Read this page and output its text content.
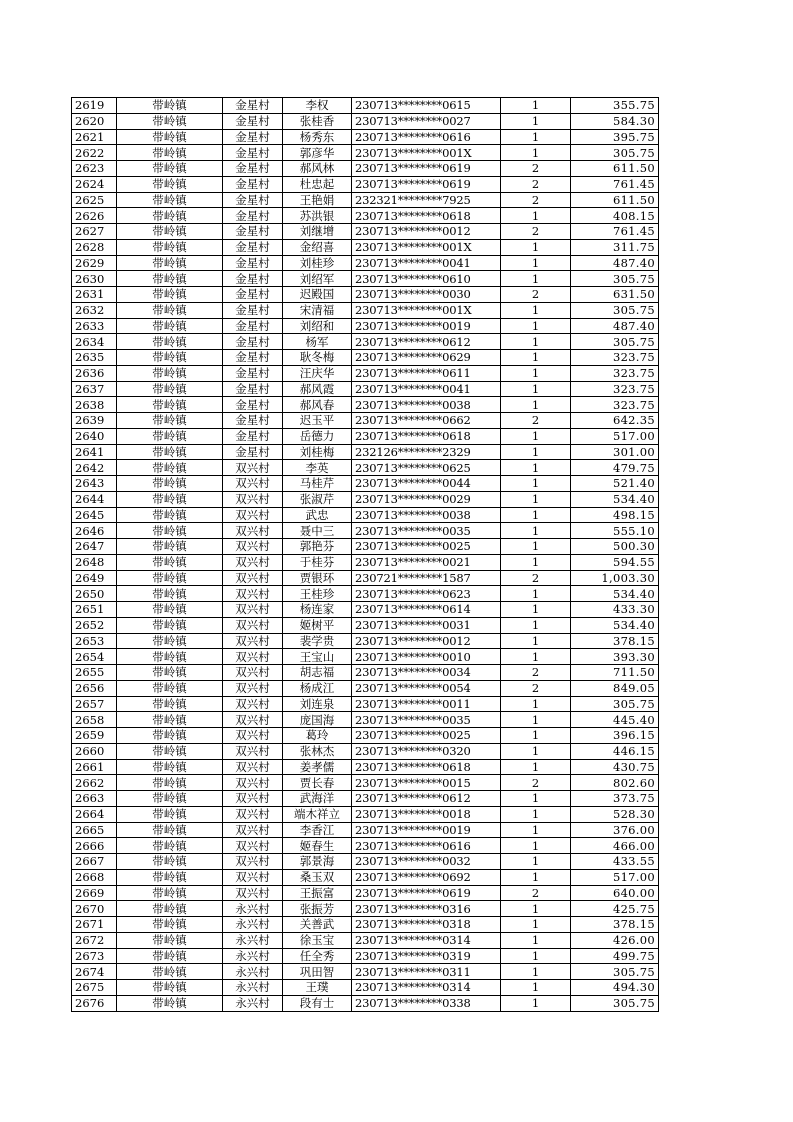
2619	带岭镇	金星村	李权	230713********0615	1	355.75
2620	带岭镇	金星村	张桂香	230713********0027	1	584.30
2621	带岭镇	金星村	杨秀东	230713********0616	1	395.75
2622	带岭镇	金星村	郭彦华	230713********001X	1	305.75
2623	带岭镇	金星村	郝风林	230713********0619	2	611.50
2624	带岭镇	金星村	杜忠起	230713********0619	2	761.45
2625	带岭镇	金星村	王艳娟	232321********7925	2	611.50
2626	带岭镇	金星村	苏洪银	230713********0618	1	408.15
2627	带岭镇	金星村	刘继增	230713********0012	2	761.45
2628	带岭镇	金星村	金绍喜	230713********001X	1	311.75
2629	带岭镇	金星村	刘桂珍	230713********0041	1	487.40
2630	带岭镇	金星村	刘绍军	230713********0610	1	305.75
2631	带岭镇	金星村	迟殿国	230713********0030	2	631.50
2632	带岭镇	金星村	宋清福	230713********001X	1	305.75
2633	带岭镇	金星村	刘绍和	230713********0019	1	487.40
2634	带岭镇	金星村	杨军	230713********0612	1	305.75
2635	带岭镇	金星村	耿冬梅	230713********0629	1	323.75
2636	带岭镇	金星村	汪庆华	230713********0611	1	323.75
2637	带岭镇	金星村	郝风霞	230713********0041	1	323.75
2638	带岭镇	金星村	郝风春	230713********0038	1	323.75
2639	带岭镇	金星村	迟玉平	230713********0662	2	642.35
2640	带岭镇	金星村	岳德力	230713********0618	1	517.00
2641	带岭镇	金星村	刘桂梅	232126********2329	1	301.00
2642	带岭镇	双兴村	李英	230713********0625	1	479.75
2643	带岭镇	双兴村	马桂芹	230713********0044	1	521.40
2644	带岭镇	双兴村	张淑芹	230713********0029	1	534.40
2645	带岭镇	双兴村	武忠	230713********0038	1	498.15
2646	带岭镇	双兴村	聂中三	230713********0035	1	555.10
2647	带岭镇	双兴村	郭艳芬	230713********0025	1	500.30
2648	带岭镇	双兴村	于桂芬	230713********0021	1	594.55
2649	带岭镇	双兴村	贾银环	230721********1587	2	1,003.30
2650	带岭镇	双兴村	王桂珍	230713********0623	1	534.40
2651	带岭镇	双兴村	杨连家	230713********0614	1	433.30
2652	带岭镇	双兴村	姬树平	230713********0031	1	534.40
2653	带岭镇	双兴村	裴学贵	230713********0012	1	378.15
2654	带岭镇	双兴村	王宝山	230713********0010	1	393.30
2655	带岭镇	双兴村	胡志福	230713********0034	2	711.50
2656	带岭镇	双兴村	杨成江	230713********0054	2	849.05
2657	带岭镇	双兴村	刘连泉	230713********0011	1	305.75
2658	带岭镇	双兴村	庞国海	230713********0035	1	445.40
2659	带岭镇	双兴村	葛玲	230713********0025	1	396.15
2660	带岭镇	双兴村	张林杰	230713********0320	1	446.15
2661	带岭镇	双兴村	姜孝儒	230713********0618	1	430.75
2662	带岭镇	双兴村	贾长春	230713********0015	2	802.60
2663	带岭镇	双兴村	武海洋	230713********0612	1	373.75
2664	带岭镇	双兴村	端木祥立	230713********0018	1	528.30
2665	带岭镇	双兴村	李香江	230713********0019	1	376.00
2666	带岭镇	双兴村	姬春生	230713********0616	1	466.00
2667	带岭镇	双兴村	郭景海	230713********0032	1	433.55
2668	带岭镇	双兴村	桑玉双	230713********0692	1	517.00
2669	带岭镇	双兴村	王振富	230713********0619	2	640.00
2670	带岭镇	永兴村	张振芳	230713********0316	1	425.75
2671	带岭镇	永兴村	关善武	230713********0318	1	378.15
2672	带岭镇	永兴村	徐玉宝	230713********0314	1	426.00
2673	带岭镇	永兴村	任全秀	230713********0319	1	499.75
2674	带岭镇	永兴村	巩田智	230713********0311	1	305.75
2675	带岭镇	永兴村	王璞	230713********0314	1	494.30
2676	带岭镇	永兴村	段有士	230713********0338	1	305.75
